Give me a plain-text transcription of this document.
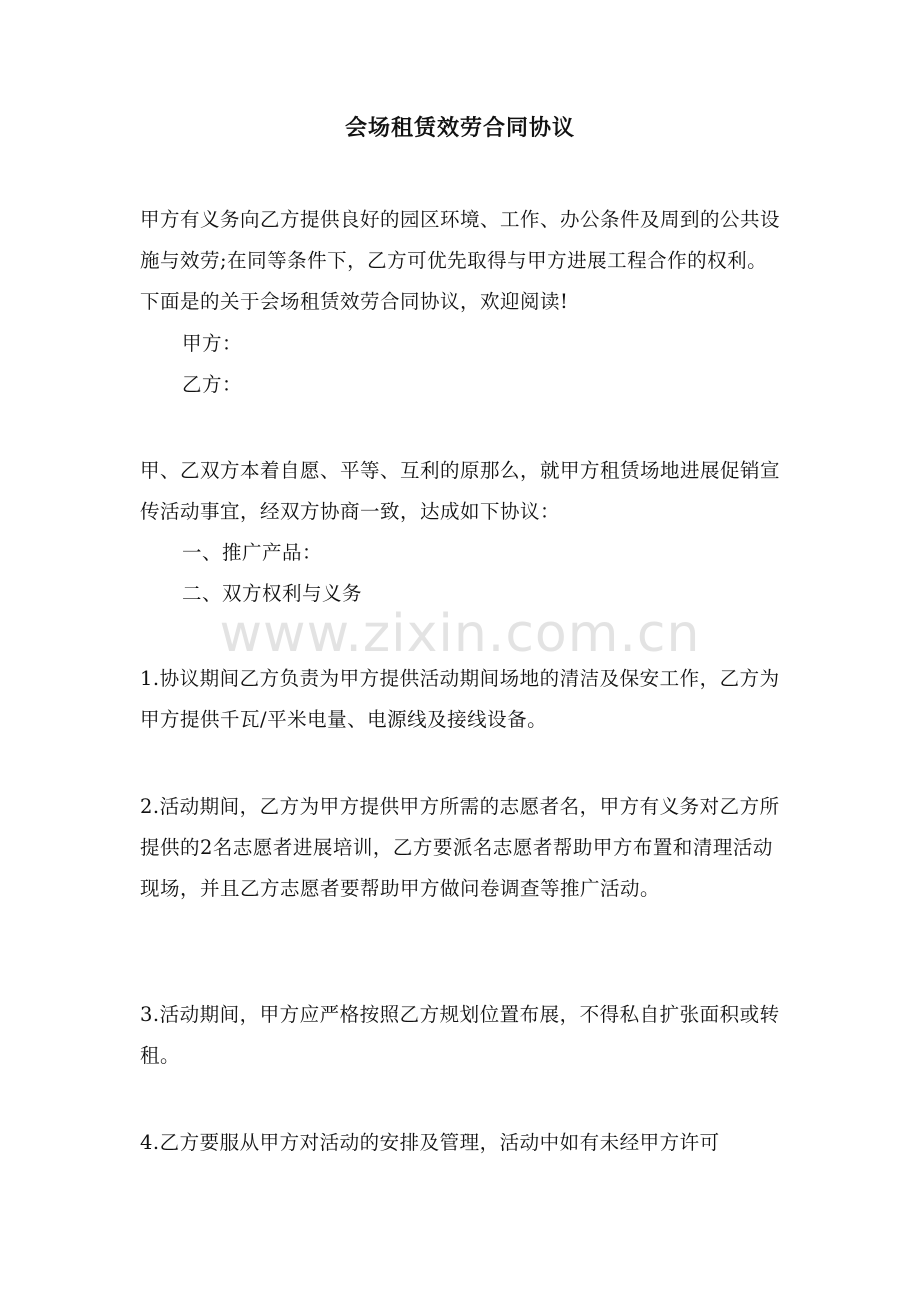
www.zixin.com.cn
会场租赁效劳合同协议

甲方有义务向乙方提供良好的园区环境、工作、办公条件及周到的公共设施与效劳;在同等条件下，乙方可优先取得与甲方进展工程合作的权利。下面是的关于会场租赁效劳合同协议，欢迎阅读!

甲方：

乙方：

甲、乙双方本着自愿、平等、互利的原那么，就甲方租赁场地进展促销宣传活动事宜，经双方协商一致，达成如下协议：

一、推广产品：

二、双方权利与义务

1.协议期间乙方负责为甲方提供活动期间场地的清洁及保安工作，乙方为甲方提供千瓦/平米电量、电源线及接线设备。

2.活动期间，乙方为甲方提供甲方所需的志愿者名，甲方有义务对乙方所提供的2名志愿者进展培训，乙方要派名志愿者帮助甲方布置和清理活动现场，并且乙方志愿者要帮助甲方做问卷调查等推广活动。

3.活动期间，甲方应严格按照乙方规划位置布展，不得私自扩张面积或转租。

4.乙方要服从甲方对活动的安排及管理，活动中如有未经甲方许可
